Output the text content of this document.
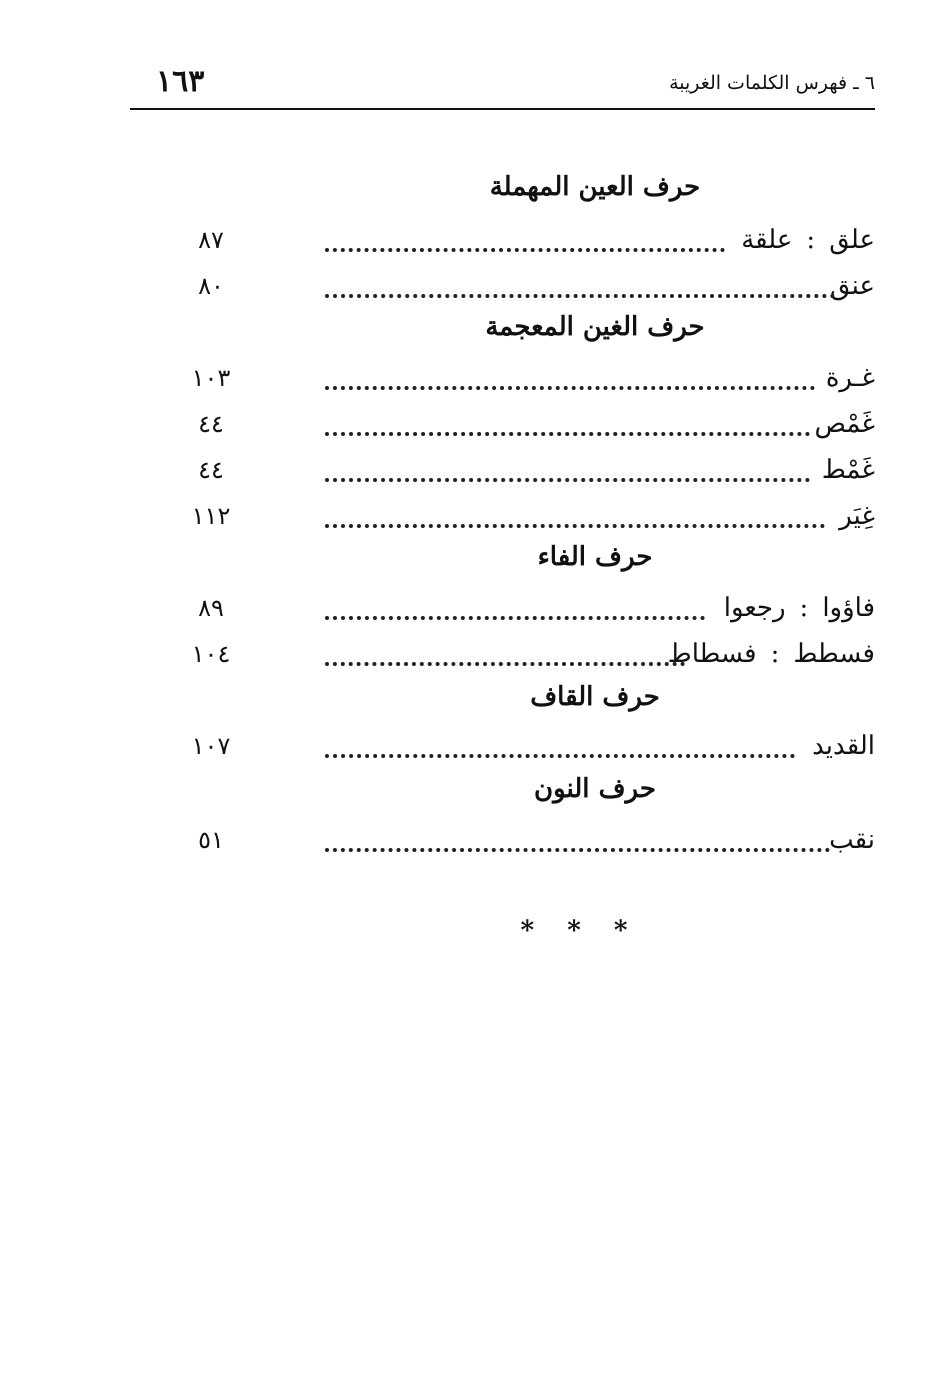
٦ ـ فهرس الكلمات الغريبة
١٦٣
حرف العين المهملة
علق:علقة
٨٧
عنق
٨٠
حرف الغين المعجمة
غـرة
١٠٣
غَمْص
٤٤
غَمْط
٤٤
غِيَر
١١٢
حرف الفاء
فاؤوا:رجعوا
٨٩
فسطط:فسطاط
١٠٤
حرف القاف
القديد
١٠٧
حرف النون
نقب
٥١
* * *
